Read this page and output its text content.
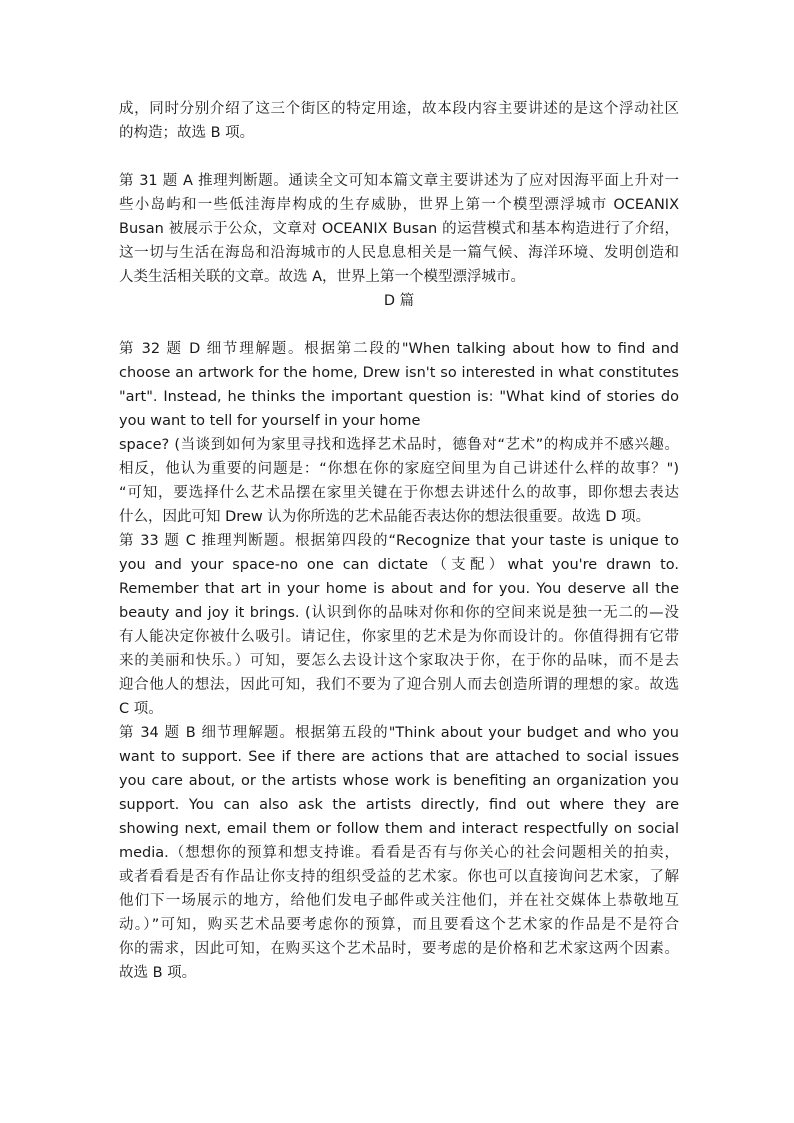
成，同时分别介绍了这三个街区的特定用途，故本段内容主要讲述的是这个浮动社区
的构造；故选 B 项。
第 31 题 A 推理判断题。通读全文可知本篇文章主要讲述为了应对因海平面上升对一
些小岛屿和一些低洼海岸构成的生存威胁，世界上第一个模型漂浮城市 OCEANIX
Busan 被展示于公众，文章对 OCEANIX Busan 的运营模式和基本构造进行了介绍，
这一切与生活在海岛和沿海城市的人民息息相关是一篇气候、海洋环境、发明创造和
人类生活相关联的文章。故选 A，世界上第一个模型漂浮城市。
D 篇
第 32 题 D 细节理解题。根据第二段的"When talking about how to find and
choose an artwork for the home, Drew isn't so interested in what constitutes
"art". Instead, he thinks the important question is: "What kind of stories do
you want to tell for yourself in your home
space? (当谈到如何为家里寻找和选择艺术品时，德鲁对“艺术”的构成并不感兴趣。
相反，他认为重要的问题是：“你想在你的家庭空间里为自己讲述什么样的故事？")
“可知，要选择什么艺术品摆在家里关键在于你想去讲述什么的故事，即你想去表达
什么，因此可知 Drew 认为你所选的艺术品能否表达你的想法很重要。故选 D 项。
第 33 题 C 推理判断题。根据第四段的“Recognize that your taste is unique to
you and your space-no one can dictate（支配）what you're drawn to.
Remember that art in your home is about and for you. You deserve all the
beauty and joy it brings. (认识到你的品味对你和你的空间来说是独一无二的—没
有人能决定你被什么吸引。请记住，你家里的艺术是为你而设计的。你值得拥有它带
来的美丽和快乐。）可知，要怎么去设计这个家取决于你，在于你的品味，而不是去
迎合他人的想法，因此可知，我们不要为了迎合别人而去创造所谓的理想的家。故选
C 项。
第 34 题 B 细节理解题。根据第五段的"Think about your budget and who you
want to support. See if there are actions that are attached to social issues
you care about, or the artists whose work is benefiting an organization you
support. You can also ask the artists directly, find out where they are
showing next, email them or follow them and interact respectfully on social
media.（想想你的预算和想支持谁。看看是否有与你关心的社会问题相关的拍卖，
或者看看是否有作品让你支持的组织受益的艺术家。你也可以直接询问艺术家，了解
他们下一场展示的地方，给他们发电子邮件或关注他们，并在社交媒体上恭敬地互
动。）”可知，购买艺术品要考虑你的预算，而且要看这个艺术家的作品是不是符合
你的需求，因此可知，在购买这个艺术品时，要考虑的是价格和艺术家这两个因素。
故选 B 项。
